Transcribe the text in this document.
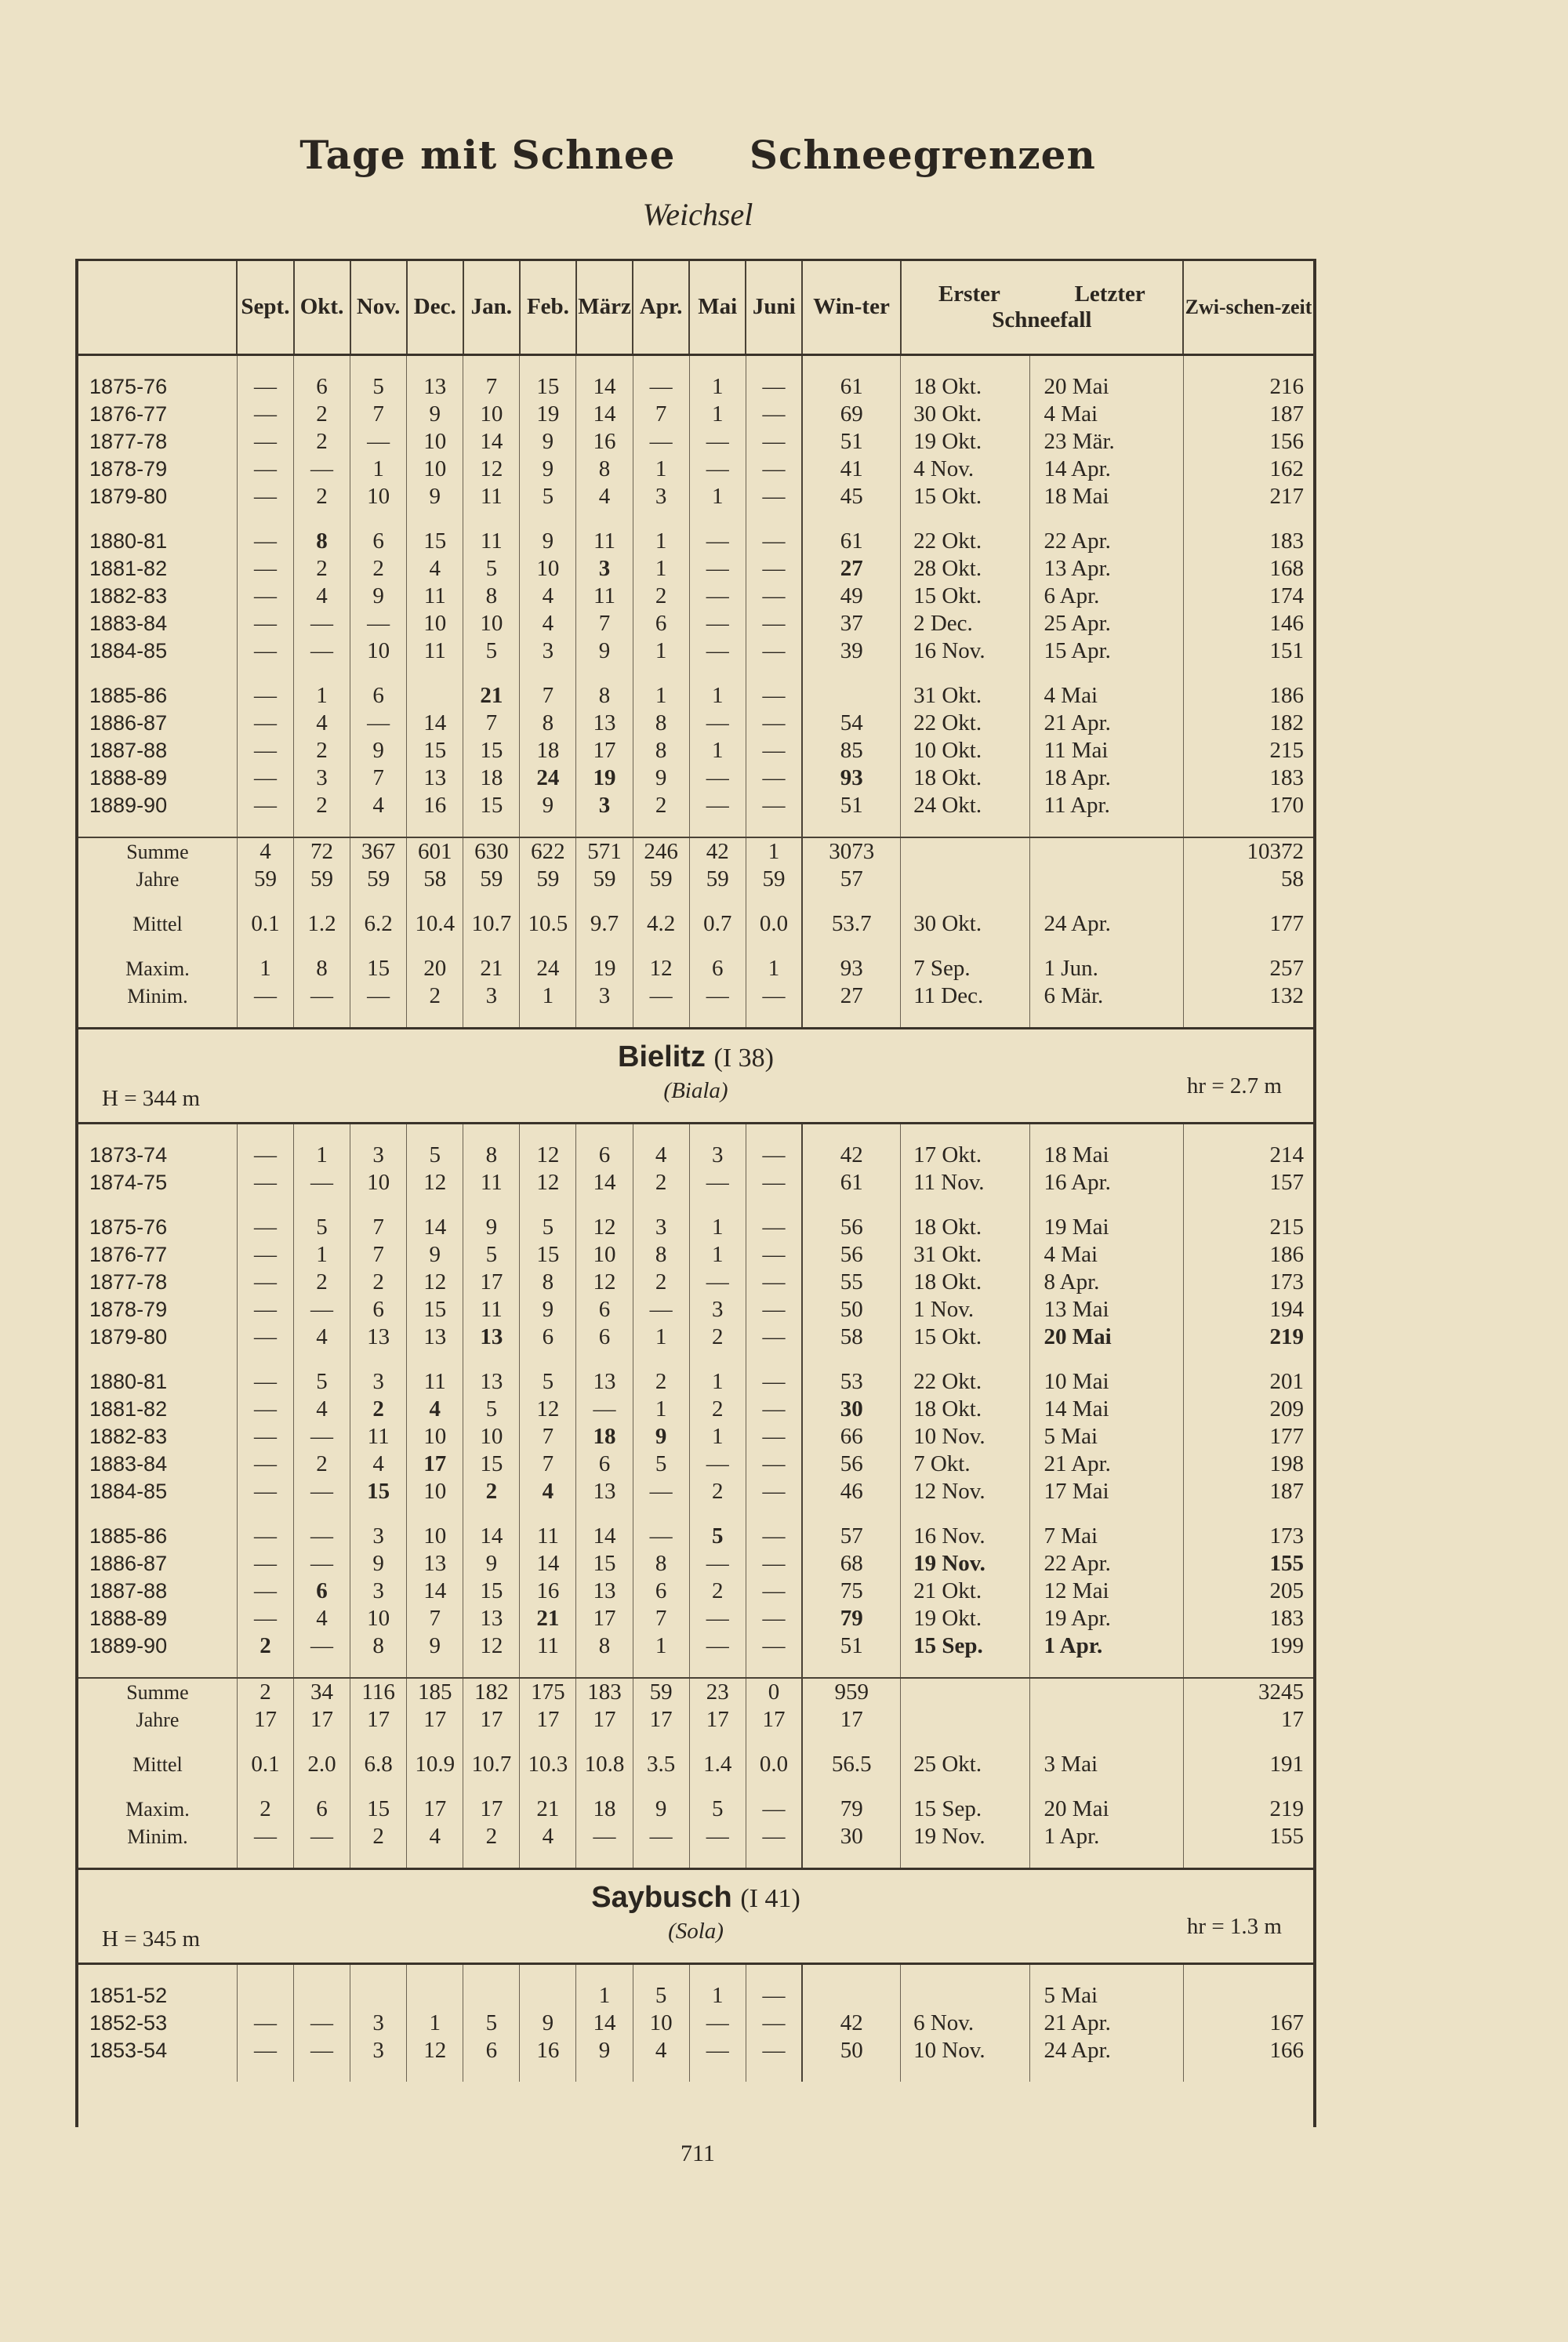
Tage mit Schnee Schneegrenzen
Weichsel
	Sept.	Okt.	Nov.	Dec.	Jan.	Feb.	März	Apr.	Mai	Juni	Win-ter	
Erster	Letzter
Schneefall
	Zwi-schen-zeit

1875-76	—	6	5	13	7	15	14	—	1	—	61	18 Okt.	20 Mai	216
1876-77	—	2	7	9	10	19	14	7	1	—	69	30 Okt.	4 Mai	187
1877-78	—	2	—	10	14	9	16	—	—	—	51	19 Okt.	23 Mär.	156
1878-79	—	—	1	10	12	9	8	1	—	—	41	4 Nov.	14 Apr.	162
1879-80	—	2	10	9	11	5	4	3	1	—	45	15 Okt.	18 Mai	217

1880-81	—	8	6	15	11	9	11	1	—	—	61	22 Okt.	22 Apr.	183
1881-82	—	2	2	4	5	10	3	1	—	—	27	28 Okt.	13 Apr.	168
1882-83	—	4	9	11	8	4	11	2	—	—	49	15 Okt.	6 Apr.	174
1883-84	—	—	—	10	10	4	7	6	—	—	37	2 Dec.	25 Apr.	146
1884-85	—	—	10	11	5	3	9	1	—	—	39	16 Nov.	15 Apr.	151

1885-86	—	1	6		21	7	8	1	1	—		31 Okt.	4 Mai	186
1886-87	—	4	—	14	7	8	13	8	—	—	54	22 Okt.	21 Apr.	182
1887-88	—	2	9	15	15	18	17	8	1	—	85	10 Okt.	11 Mai	215
1888-89	—	3	7	13	18	24	19	9	—	—	93	18 Okt.	18 Apr.	183
1889-90	—	2	4	16	15	9	3	2	—	—	51	24 Okt.	11 Apr.	170

Summe	4	72	367	601	630	622	571	246	42	1	3073			10372
Jahre	59	59	59	58	59	59	59	59	59	59	57			58

Mittel	0.1	1.2	6.2	10.4	10.7	10.5	9.7	4.2	0.7	0.0	53.7	30 Okt.	24 Apr.	177

Maxim.	1	8	15	20	21	24	19	12	6	1	93	7 Sep.	1 Jun.	257
Minim.	—	—	—	2	3	1	3	—	—	—	27	11 Dec.	6 Mär.	132

Bielitz (I 38)
(Biala)
H = 344 m	hr = 2.7 m

1873-74	—	1	3	5	8	12	6	4	3	—	42	17 Okt.	18 Mai	214
1874-75	—	—	10	12	11	12	14	2	—	—	61	11 Nov.	16 Apr.	157

1875-76	—	5	7	14	9	5	12	3	1	—	56	18 Okt.	19 Mai	215
1876-77	—	1	7	9	5	15	10	8	1	—	56	31 Okt.	4 Mai	186
1877-78	—	2	2	12	17	8	12	2	—	—	55	18 Okt.	8 Apr.	173
1878-79	—	—	6	15	11	9	6	—	3	—	50	1 Nov.	13 Mai	194
1879-80	—	4	13	13	13	6	6	1	2	—	58	15 Okt.	20 Mai	219

1880-81	—	5	3	11	13	5	13	2	1	—	53	22 Okt.	10 Mai	201
1881-82	—	4	2	4	5	12	—	1	2	—	30	18 Okt.	14 Mai	209
1882-83	—	—	11	10	10	7	18	9	1	—	66	10 Nov.	5 Mai	177
1883-84	—	2	4	17	15	7	6	5	—	—	56	7 Okt.	21 Apr.	198
1884-85	—	—	15	10	2	4	13	—	2	—	46	12 Nov.	17 Mai	187

1885-86	—	—	3	10	14	11	14	—	5	—	57	16 Nov.	7 Mai	173
1886-87	—	—	9	13	9	14	15	8	—	—	68	19 Nov.	22 Apr.	155
1887-88	—	6	3	14	15	16	13	6	2	—	75	21 Okt.	12 Mai	205
1888-89	—	4	10	7	13	21	17	7	—	—	79	19 Okt.	19 Apr.	183
1889-90	2	—	8	9	12	11	8	1	—	—	51	15 Sep.	1 Apr.	199

Summe	2	34	116	185	182	175	183	59	23	0	959			3245
Jahre	17	17	17	17	17	17	17	17	17	17	17			17

Mittel	0.1	2.0	6.8	10.9	10.7	10.3	10.8	3.5	1.4	0.0	56.5	25 Okt.	3 Mai	191

Maxim.	2	6	15	17	17	21	18	9	5	—	79	15 Sep.	20 Mai	219
Minim.	—	—	2	4	2	4	—	—	—	—	30	19 Nov.	1 Apr.	155

Saybusch (I 41)
(Sola)
H = 345 m	hr = 1.3 m

1851-52							1	5	1	—			5 Mai	
1852-53	—	—	3	1	5	9	14	10	—	—	42	6 Nov.	21 Apr.	167
1853-54	—	—	3	12	6	16	9	4	—	—	50	10 Nov.	24 Apr.	166

711
